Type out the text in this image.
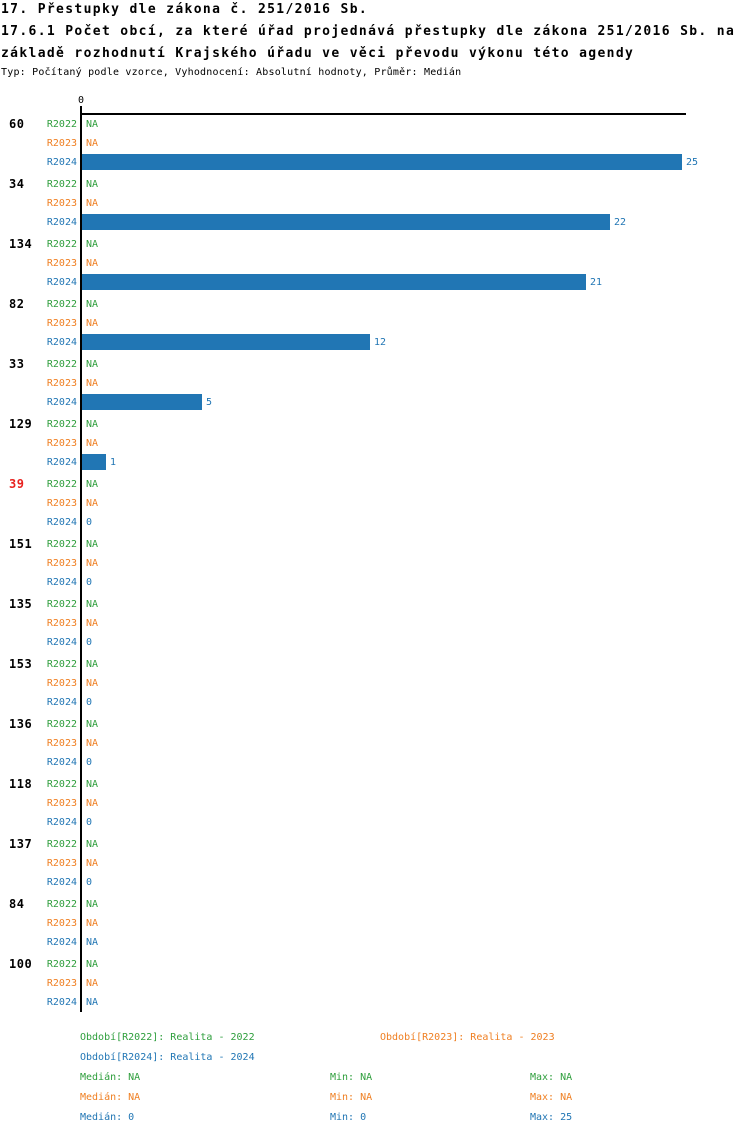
17. Přestupky dle zákona č. 251/2016 Sb.
17.6.1 Počet obcí, za které úřad projednává přestupky dle zákona 251/2016 Sb. na
základě rozhodnutí Krajského úřadu ve věci převodu výkonu této agendy
Typ: Počítaný podle vzorce, Vyhodnocení: Absolutní hodnoty, Průměr: Medián
0
60	R2022 NA
R2023 NA
R2024	25
34	R2022 NA
R2023 NA
R2024	22
134	R2022 NA
R2023 NA
R2024	21
82	R2022 NA
R2023 NA
R2024	12
33	R2022 NA
R2023 NA
R2024	5
129	R2022 NA
R2023 NA
R2024	1
39	R2022 NA
R2023 NA
R2024 0
151	R2022 NA
R2023 NA
R2024 0
135	R2022 NA
R2023 NA
R2024 0
153	R2022 NA
R2023 NA
R2024 0
136	R2022 NA
R2023 NA
R2024 0
118	R2022 NA
R2023 NA
R2024 0
137	R2022 NA
R2023 NA
R2024 0
84	R2022 NA
R2023 NA
R2024 NA
100	R2022 NA
R2023 NA
R2024 NA
Období[R2022]: Realita - 2022	Období[R2023]: Realita - 2023
Období[R2024]: Realita - 2024
Medián: NA	Min: NA	Max: NA
Medián: NA	Min: NA	Max: NA
Medián: 0	Min: 0	Max: 25
